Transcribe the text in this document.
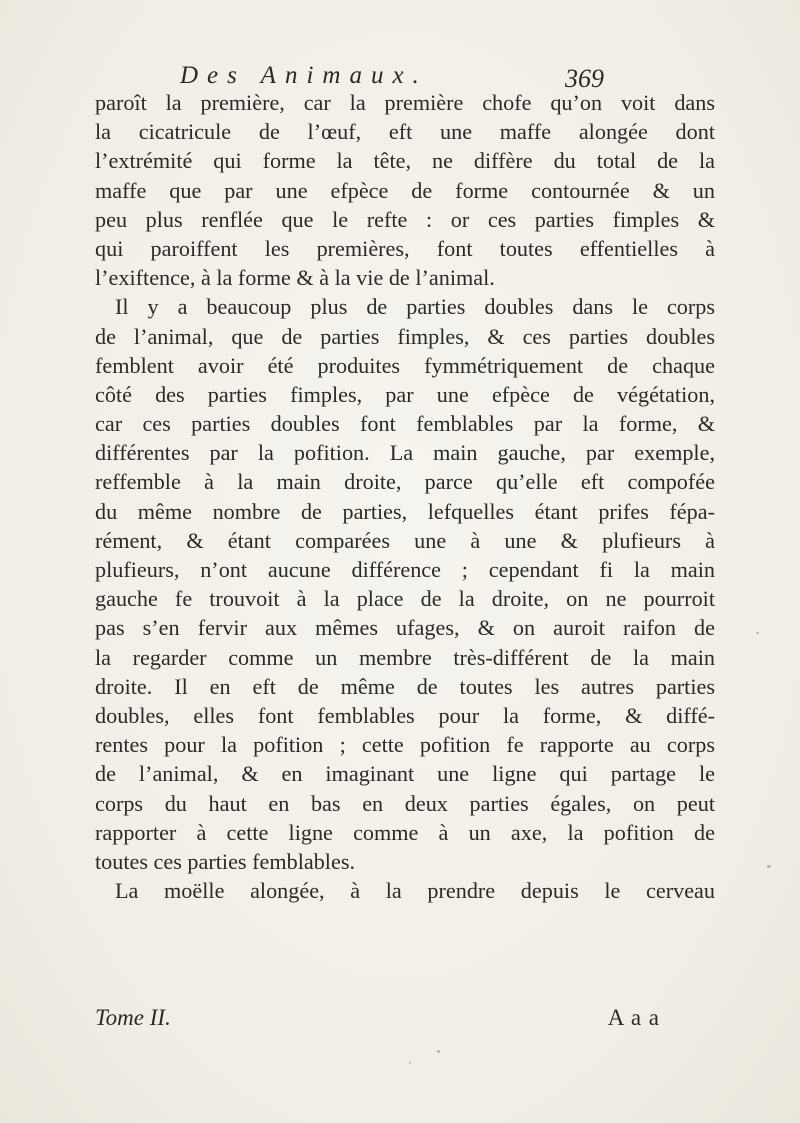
Des Animaux.	369
paroît la première, car la première chofe qu’on voit dans
la cicatricule de l’œuf, eft une maffe alongée dont
l’extrémité qui forme la tête, ne diffère du total de la
maffe que par une efpèce de forme contournée & un
peu plus renflée que le refte : or ces parties fimples &
qui paroiffent les premières, font toutes effentielles à
l’exiftence, à la forme & à la vie de l’animal.
Il y a beaucoup plus de parties doubles dans le corps
de l’animal, que de parties fimples, & ces parties doubles
femblent avoir été produites fymmétriquement de chaque
côté des parties fimples, par une efpèce de végétation,
car ces parties doubles font femblables par la forme, &
différentes par la pofition. La main gauche, par exemple,
reffemble à la main droite, parce qu’elle eft compofée
du même nombre de parties, lefquelles étant prifes fépa-
rément, & étant comparées une à une & plufieurs à
plufieurs, n’ont aucune différence ; cependant fi la main
gauche fe trouvoit à la place de la droite, on ne pourroit
pas s’en fervir aux mêmes ufages, & on auroit raifon de
la regarder comme un membre très-différent de la main
droite. Il en eft de même de toutes les autres parties
doubles, elles font femblables pour la forme, & diffé-
rentes pour la pofition ; cette pofition fe rapporte au corps
de l’animal, & en imaginant une ligne qui partage le
corps du haut en bas en deux parties égales, on peut
rapporter à cette ligne comme à un axe, la pofition de
toutes ces parties femblables.
La moëlle alongée, à la prendre depuis le cerveau
Tome II.	A a a
